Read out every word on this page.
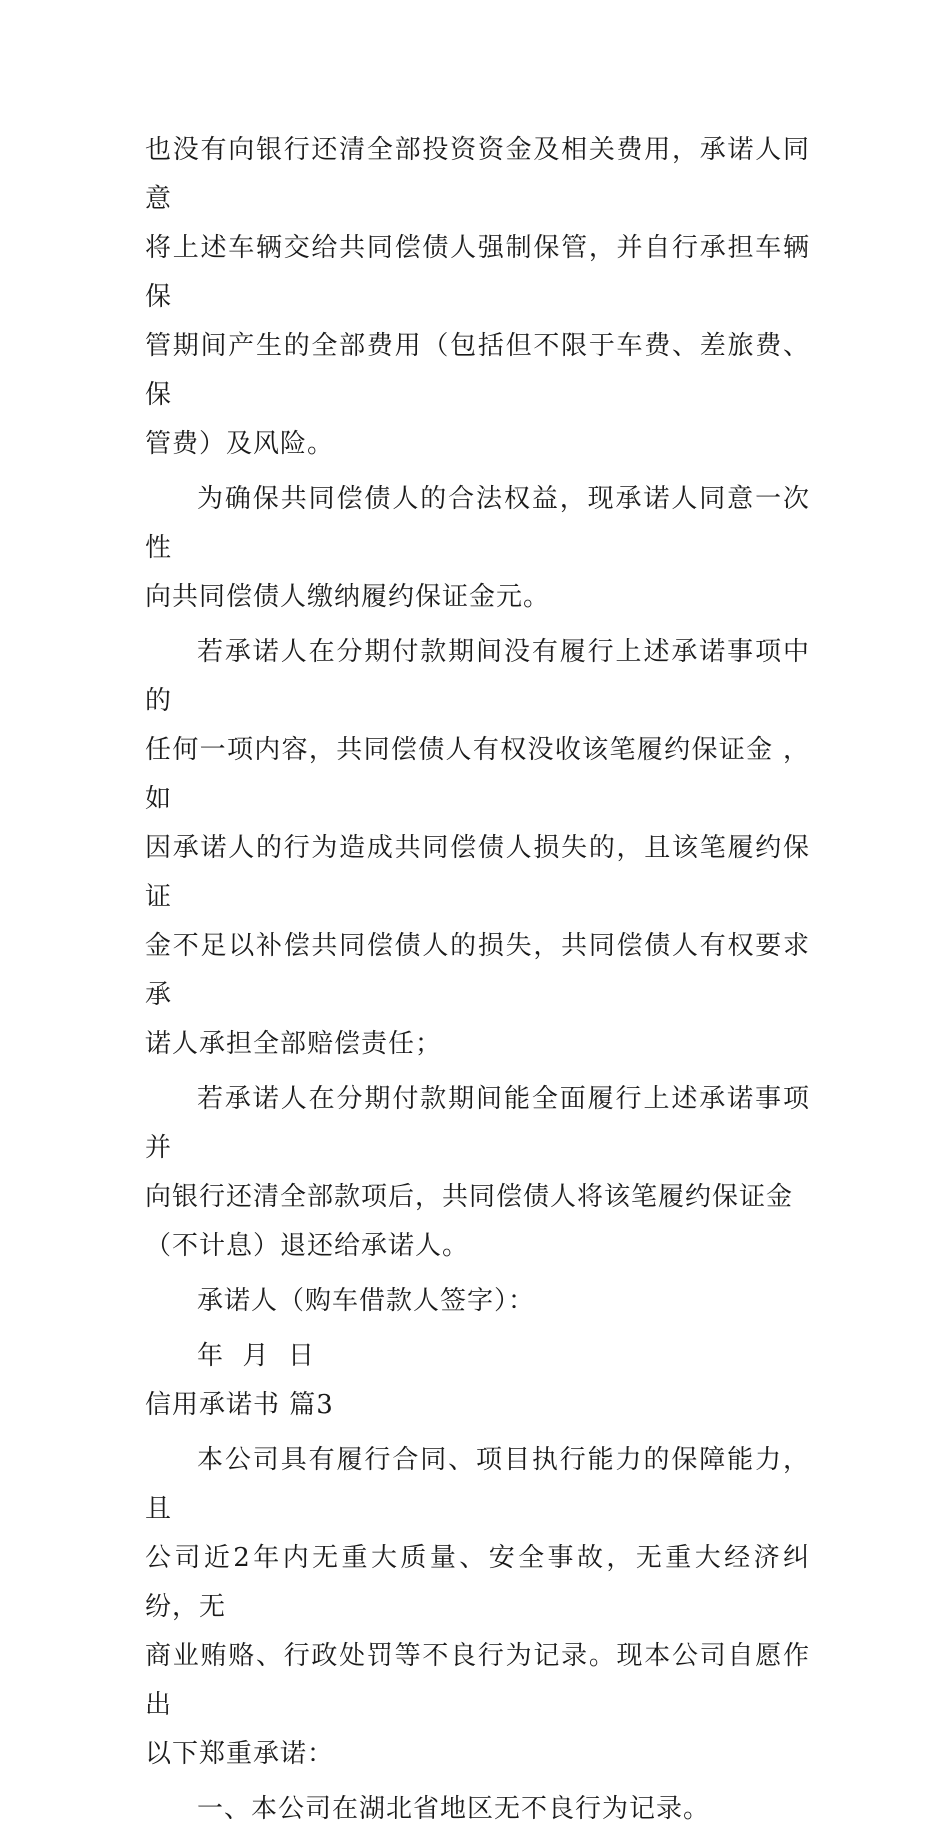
也没有向银行还清全部投资资金及相关费用，承诺人同意
将上述车辆交给共同偿债人强制保管，并自行承担车辆保
管期间产生的全部费用（包括但不限于车费、差旅费、保
管费）及风险。

为确保共同偿债人的合法权益，现承诺人同意一次性
向共同偿债人缴纳履约保证金元。

若承诺人在分期付款期间没有履行上述承诺事项中的
任何一项内容，共同偿债人有权没收该笔履约保证金 ，如
因承诺人的行为造成共同偿债人损失的，且该笔履约保证
金不足以补偿共同偿债人的损失，共同偿债人有权要求承
诺人承担全部赔偿责任；

若承诺人在分期付款期间能全面履行上述承诺事项并
向银行还清全部款项后，共同偿债人将该笔履约保证金
（不计息）退还给承诺人。

承诺人（购车借款人签字）：

年  月  日

信用承诺书 篇3

本公司具有履行合同、项目执行能力的保障能力，且
公司近2年内无重大质量、安全事故，无重大经济纠纷，无
商业贿赂、行政处罚等不良行为记录。现本公司自愿作出
以下郑重承诺：

一、本公司在湖北省地区无不良行为记录。
